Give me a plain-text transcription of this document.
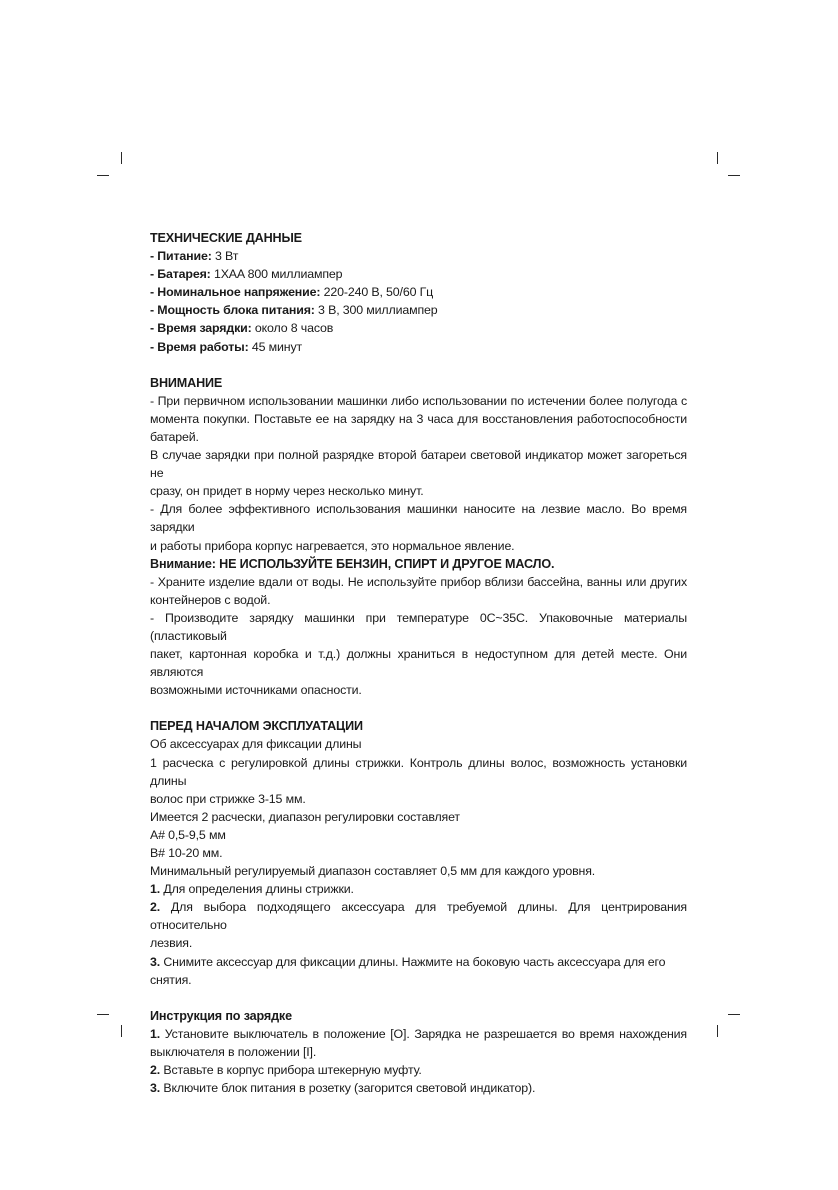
ТЕХНИЧЕСКИЕ ДАННЫЕ
- Питание: 3 Вт
- Батарея: 1XAA 800 миллиампер
- Номинальное напряжение: 220-240 В, 50/60 Гц
- Мощность блока питания: 3 В, 300 миллиампер
- Время зарядки: около 8 часов
- Время работы: 45 минут
ВНИМАНИЕ
- При первичном использовании машинки либо использовании по истечении более полугода с
момента покупки. Поставьте ее на зарядку на 3 часа для восстановления работоспособности батарей.
В случае зарядки при полной разрядке второй батареи световой индикатор может загореться не
сразу, он придет в норму через несколько минут.
- Для более эффективного использования машинки наносите на лезвие масло. Во время зарядки
и работы прибора корпус нагревается, это нормальное явление.
Внимание: НЕ ИСПОЛЬЗУЙТЕ БЕНЗИН, СПИРТ И ДРУГОЕ МАСЛО.
- Храните изделие вдали от воды. Не используйте прибор вблизи бассейна, ванны или других
контейнеров с водой.
- Производите зарядку машинки при температуре 0C~35C. Упаковочные материалы (пластиковый
пакет, картонная коробка и т.д.) должны храниться в недоступном для детей месте. Они являются
возможными источниками опасности.
ПЕРЕД НАЧАЛОМ ЭКСПЛУАТАЦИИ
Об аксессуарах для фиксации длины
1 расческа с регулировкой длины стрижки. Контроль длины волос, возможность установки длины
волос при стрижке 3-15 мм.
Имеется 2 расчески, диапазон регулировки составляет
A# 0,5-9,5 мм
B# 10-20 мм.
Минимальный регулируемый диапазон составляет 0,5 мм для каждого уровня.
1. Для определения длины стрижки.
2. Для выбора подходящего аксессуара для требуемой длины. Для центрирования относительно
лезвия.
3. Снимите аксессуар для фиксации длины. Нажмите на боковую часть аксессуара для его снятия.
Инструкция по зарядке
1. Установите выключатель в положение [O]. Зарядка не разрешается во время нахождения
выключателя в положении [I].
2. Вставьте в корпус прибора штекерную муфту.
3. Включите блок питания в розетку (загорится световой индикатор).
